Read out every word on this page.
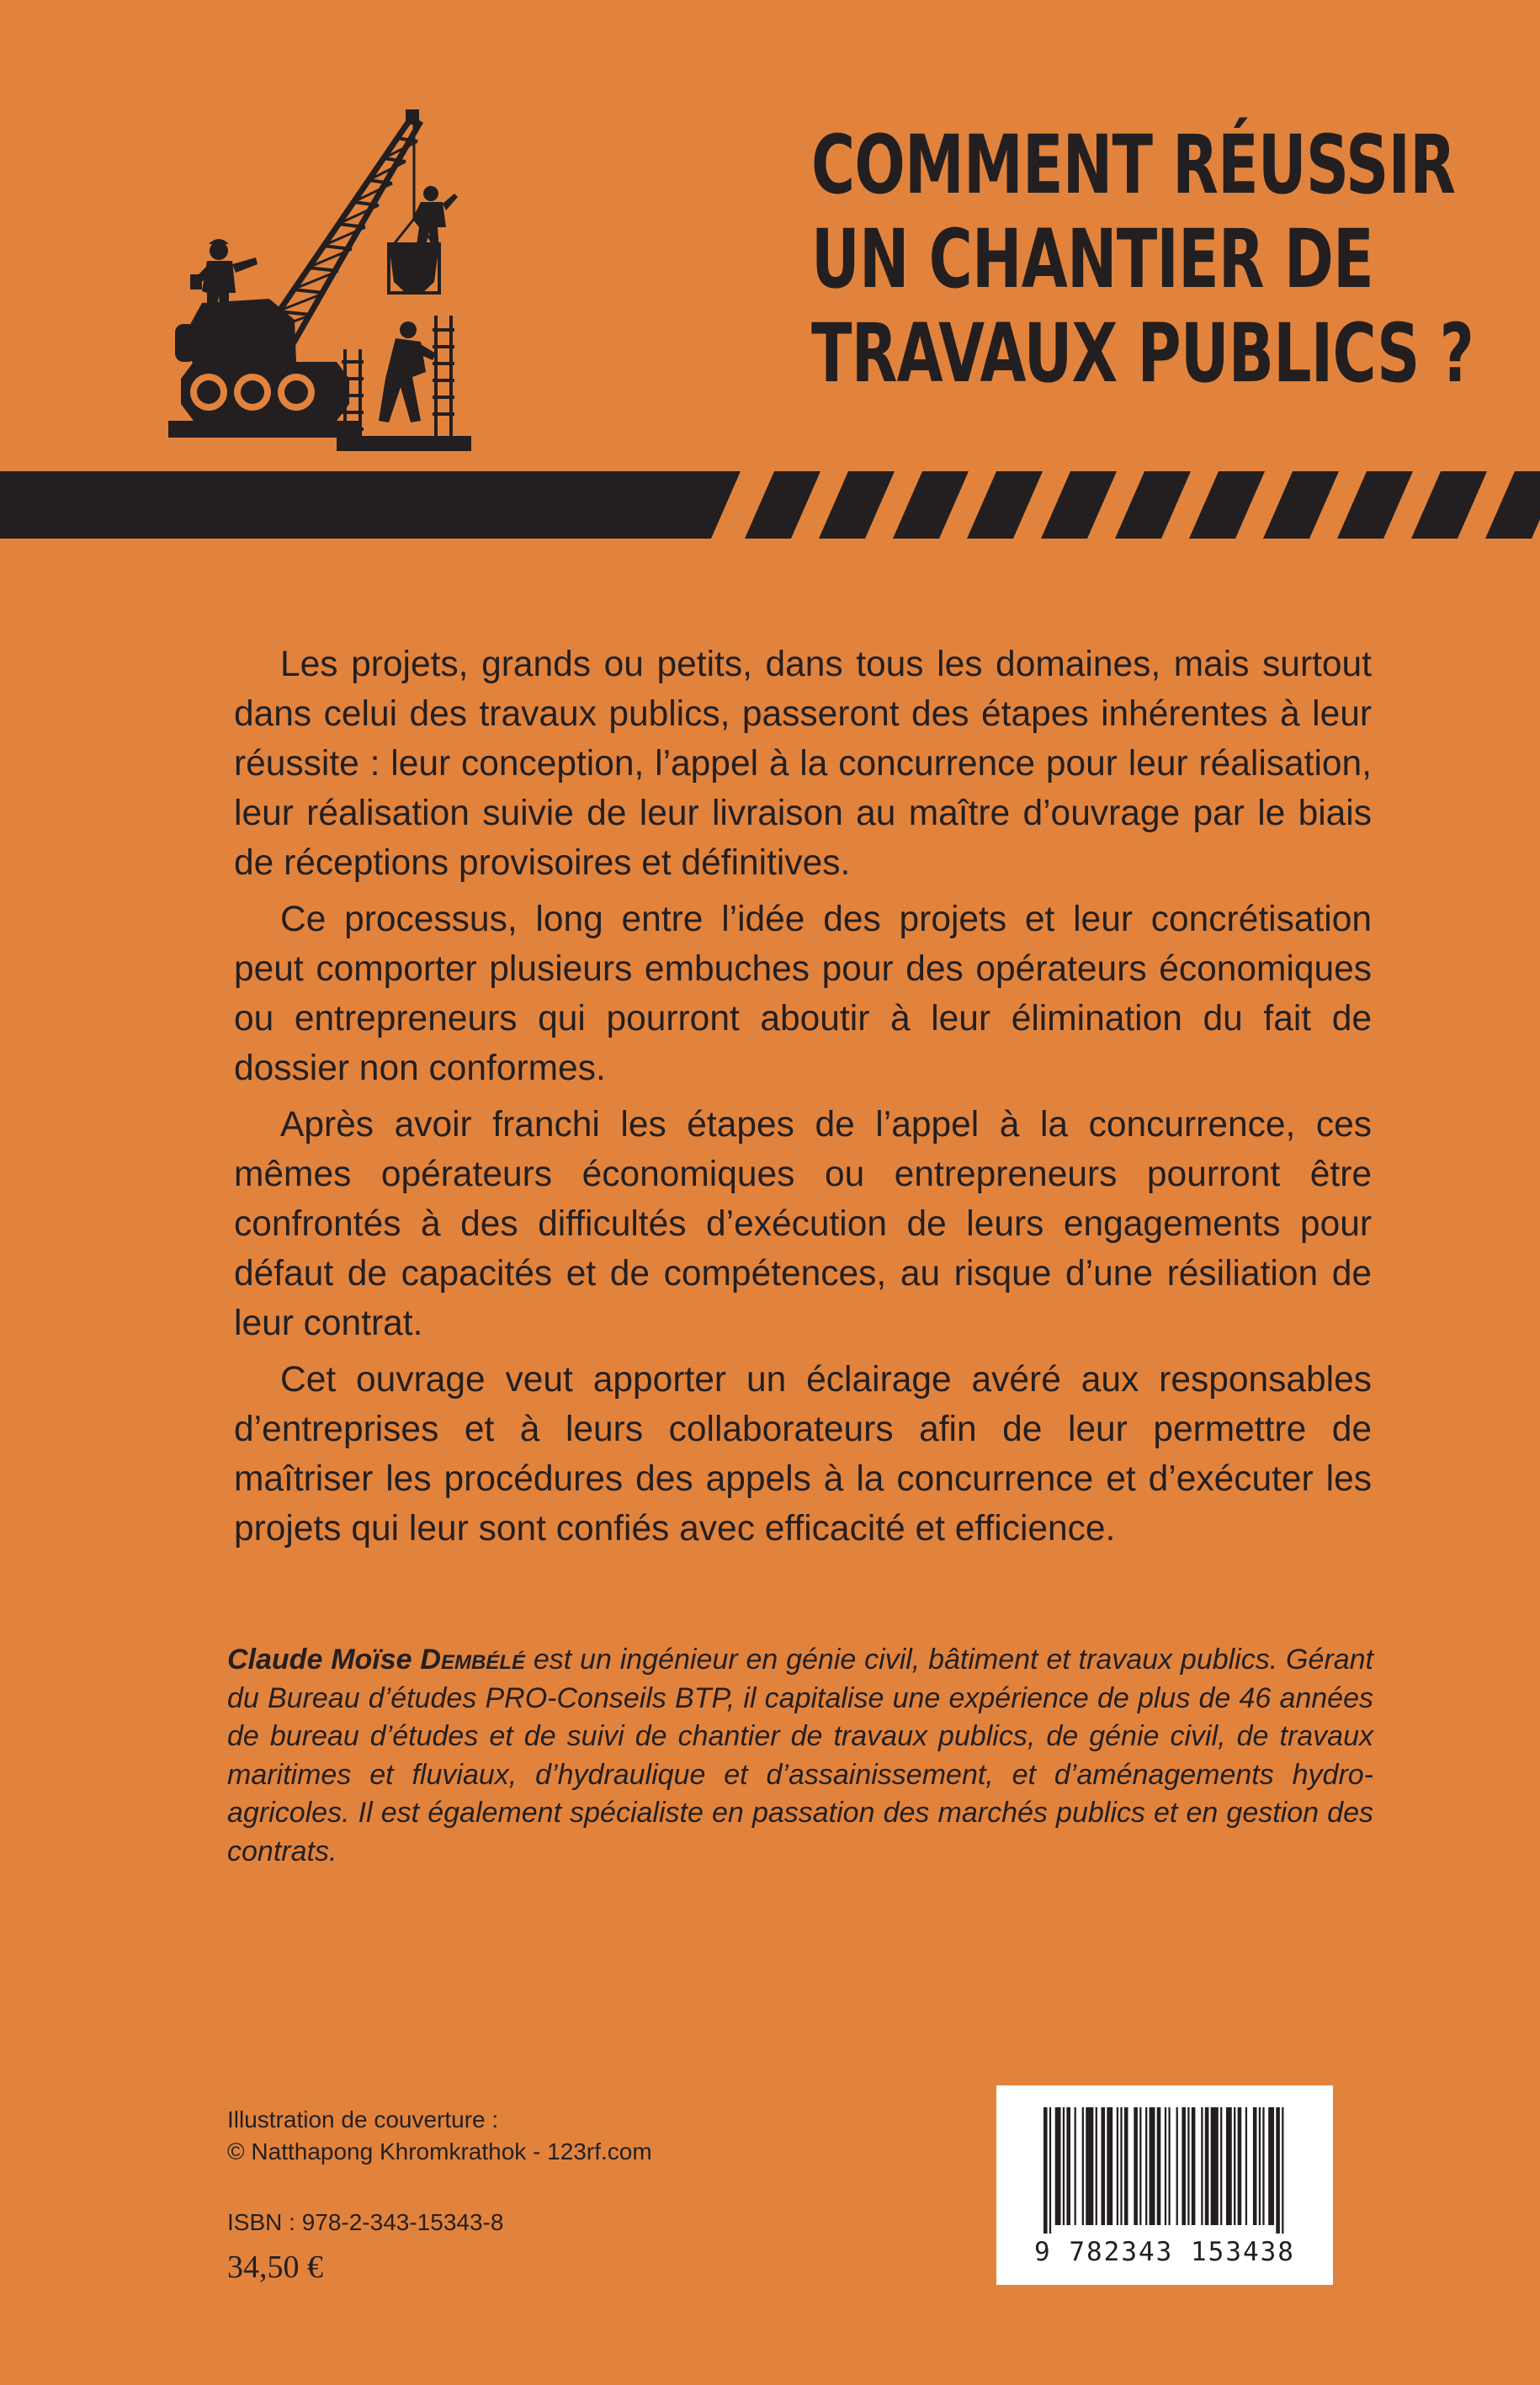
COMMENT RÉUSSIR
UN CHANTIER DE
TRAVAUX PUBLICS ?

Les projets, grands ou petits, dans tous les domaines, mais surtout dans celui des travaux publics, passeront des étapes inhérentes à leur réussite : leur conception, l’appel à la concurrence pour leur réalisation, leur réalisation suivie de leur livraison au maître d’ouvrage par le biais de réceptions provisoires et définitives.

Ce processus, long entre l’idée des projets et leur concrétisation peut comporter plusieurs embuches pour des opérateurs économiques ou entrepreneurs qui pourront aboutir à leur élimination du fait de dossier non conformes.

Après avoir franchi les étapes de l’appel à la concurrence, ces mêmes opérateurs économiques ou entrepreneurs pourront être confrontés à des difficultés d’exécution de leurs engagements pour défaut de capacités et de compétences, au risque d’une résiliation de leur contrat.

Cet ouvrage veut apporter un éclairage avéré aux responsables d’entreprises et à leurs collaborateurs afin de leur permettre de maîtriser les procédures des appels à la concurrence et d’exécuter les projets qui leur sont confiés avec efficacité et efficience.

Claude Moïse Dembélé est un ingénieur en génie civil, bâtiment et travaux publics. Gérant du Bureau d’études PRO-Conseils BTP, il capitalise une expérience de plus de 46 années de bureau d’études et de suivi de chantier de travaux publics, de génie civil, de travaux maritimes et fluviaux, d’hydraulique et d’assainissement, et d’aménagements hydro-agricoles. Il est également spécialiste en passation des marchés publics et en gestion des contrats.

Illustration de couverture :

© Natthapong Khromkrathok - 123rf.com

ISBN : 978-2-343-15343-8

34,50 €	9 782343 153438
